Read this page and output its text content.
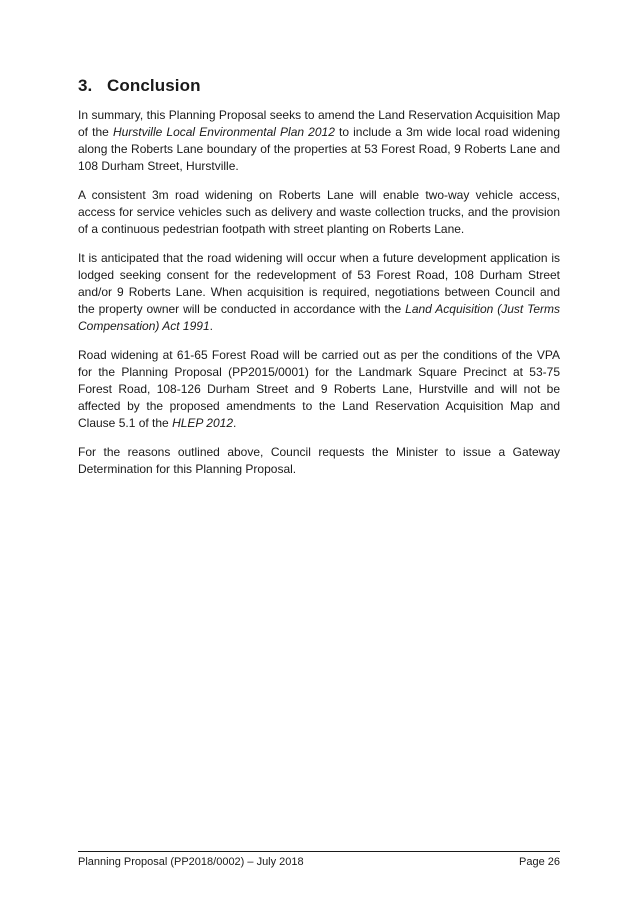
3. Conclusion

In summary, this Planning Proposal seeks to amend the Land Reservation Acquisition Map of the Hurstville Local Environmental Plan 2012 to include a 3m wide local road widening along the Roberts Lane boundary of the properties at 53 Forest Road, 9 Roberts Lane and 108 Durham Street, Hurstville.

A consistent 3m road widening on Roberts Lane will enable two-way vehicle access, access for service vehicles such as delivery and waste collection trucks, and the provision of a continuous pedestrian footpath with street planting on Roberts Lane.

It is anticipated that the road widening will occur when a future development application is lodged seeking consent for the redevelopment of 53 Forest Road, 108 Durham Street and/or 9 Roberts Lane. When acquisition is required, negotiations between Council and the property owner will be conducted in accordance with the Land Acquisition (Just Terms Compensation) Act 1991.

Road widening at 61-65 Forest Road will be carried out as per the conditions of the VPA for the Planning Proposal (PP2015/0001) for the Landmark Square Precinct at 53-75 Forest Road, 108-126 Durham Street and 9 Roberts Lane, Hurstville and will not be affected by the proposed amendments to the Land Reservation Acquisition Map and Clause 5.1 of the HLEP 2012.

For the reasons outlined above, Council requests the Minister to issue a Gateway Determination for this Planning Proposal.

Planning Proposal (PP2018/0002) – July 2018	Page 26
